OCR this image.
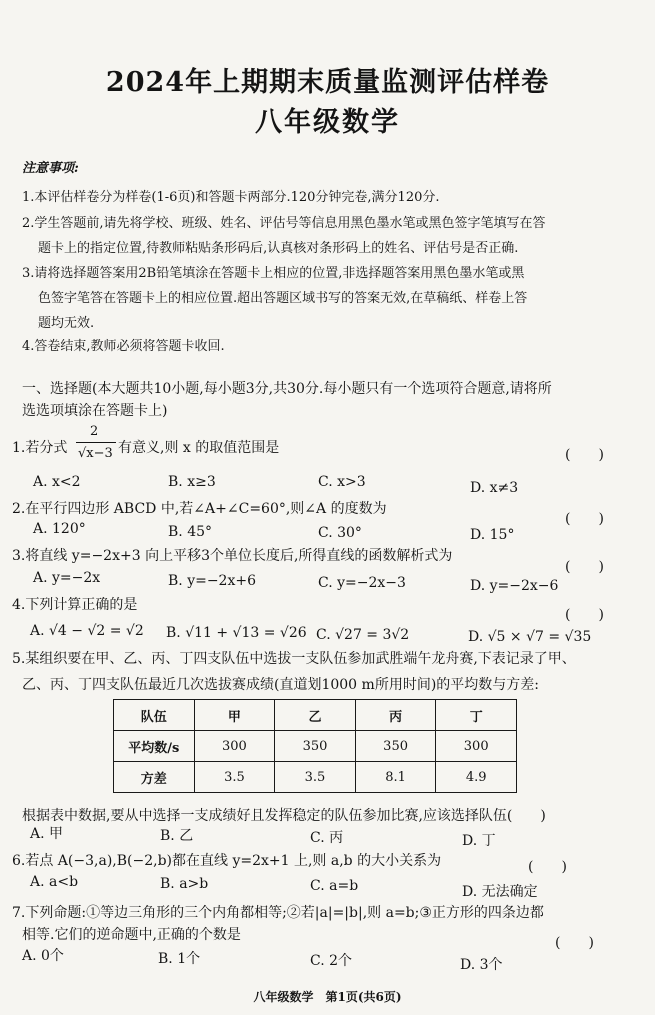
2024年上期期末质量监测评估样卷
八年级数学
注意事项:
1.本评估样卷分为样卷(1-6页)和答题卡两部分.120分钟完卷,满分120分.
2.学生答题前,请先将学校、班级、姓名、评估号等信息用黑色墨水笔或黑色签字笔填写在答
题卡上的指定位置,待教师粘贴条形码后,认真核对条形码上的姓名、评估号是否正确.
3.请将选择题答案用2B铅笔填涂在答题卡上相应的位置,非选择题答案用黑色墨水笔或黑
色签字笔答在答题卡上的相应位置.超出答题区域书写的答案无效,在草稿纸、样卷上答
题均无效.
4.答卷结束,教师必须将答题卡收回.
一、选择题(本大题共10小题,每小题3分,共30分.每小题只有一个选项符合题意,请将所
选选项填涂在答题卡上)
1.若分式
2
√x−3 有意义,则 x 的取值范围是	(　　)
A. x<2	B. x≥3	C. x>3	D. x≠3
2.在平行四边形 ABCD 中,若∠A+∠C=60°,则∠A 的度数为
(　　)
A. 120°	B. 45°	C. 30°	D. 15°
3.将直线 y=−2x+3 向上平移3个单位长度后,所得直线的函数解析式为
(　　)
A. y=−2x	B. y=−2x+6	C. y=−2x−3	D. y=−2x−6
4.下列计算正确的是
(　　)
A. √4 − √2 = √2 B. √11 + √13 = √26 C. √27 = 3√2	D. √5 × √7 = √35
5.某组织要在甲、乙、丙、丁四支队伍中选拔一支队伍参加武胜端午龙舟赛,下表记录了甲、
乙、丙、丁四支队伍最近几次选拔赛成绩(直道划1000 m所用时间)的平均数与方差:
队伍	甲	乙	丙	丁
平均数/s	300	350	350	300
方差	3.5	3.5	8.1	4.9
根据表中数据,要从中选择一支成绩好且发挥稳定的队伍参加比赛,应该选择队伍(　　)
A. 甲	B. 乙	C. 丙	D. 丁
6.若点 A(−3,a),B(−2,b)都在直线 y=2x+1 上,则 a,b 的大小关系为	(　　)
A. a<b	B. a>b	C. a=b	D. 无法确定
7.下列命题:①等边三角形的三个内角都相等;②若|a|=|b|,则 a=b;③正方形的四条边都
相等.它们的逆命题中,正确的个数是	(　　)
A. 0个	B. 1个	C. 2个	D. 3个
八年级数学　第1页(共6页)
